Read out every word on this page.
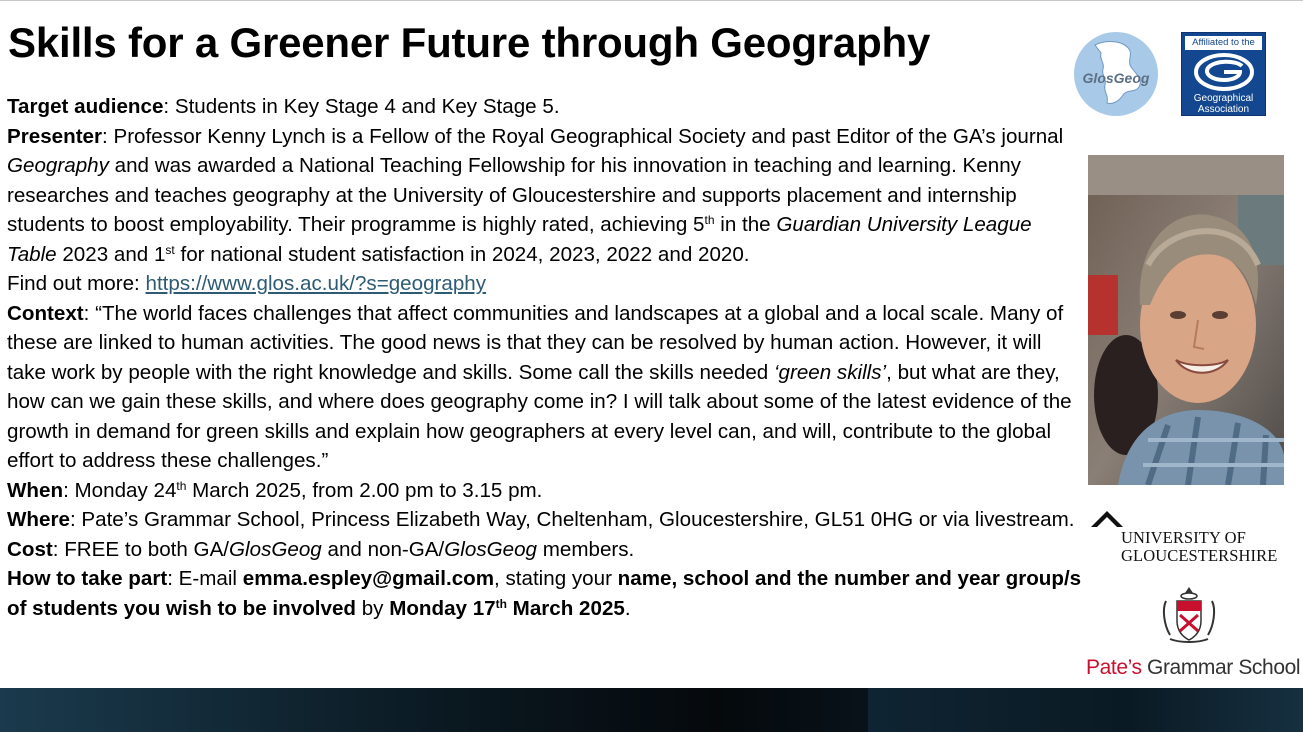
Skills for a Greener Future through Geography

Target audience: Students in Key Stage 4 and Key Stage 5.

Presenter: Professor Kenny Lynch is a Fellow of the Royal Geographical Society and past Editor of the GA’s journal Geography and was awarded a National Teaching Fellowship for his innovation in teaching and learning. Kenny researches and teaches geography at the University of Gloucestershire and supports placement and internship students to boost employability. Their programme is highly rated, achieving 5th in the Guardian University League Table 2023 and 1st for national student satisfaction in 2024, 2023, 2022 and 2020.

Find out more: https://www.glos.ac.uk/?s=geography

Context: “The world faces challenges that affect communities and landscapes at a global and a local scale. Many of these are linked to human activities. The good news is that they can be resolved by human action. However, it will take work by people with the right knowledge and skills. Some call the skills needed ‘green skills’, but what are they, how can we gain these skills, and where does geography come in? I will talk about some of the latest evidence of the growth in demand for green skills and explain how geographers at every level can, and will, contribute to the global effort to address these challenges.”

When: Monday 24th March 2025, from 2.00 pm to 3.15 pm.

Where: Pate’s Grammar School, Princess Elizabeth Way, Cheltenham, Gloucestershire, GL51 0HG or via livestream.

Cost: FREE to both GA/GlosGeog and non-GA/GlosGeog members.

How to take part: E-mail emma.espley@gmail.com, stating your name, school and the number and year group/s of students you wish to be involved by Monday 17th March 2025.

GlosGeog
Affiliated to the
Geographical
Association
UNIVERSITY OF
GLOUCESTERSHIRE
Pate’s Grammar School
